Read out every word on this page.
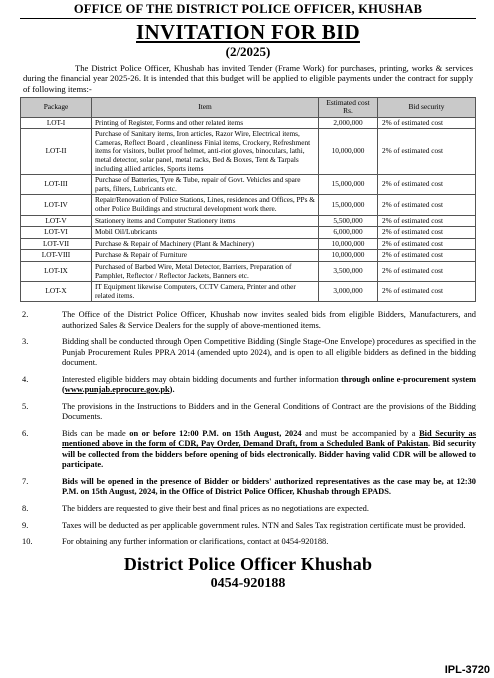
OFFICE OF THE DISTRICT POLICE OFFICER, KHUSHAB
INVITATION FOR BID
(2/2025)
The District Police Officer, Khushab has invited Tender (Frame Work) for purchases, printing, works & services during the financial year 2025-26. It is intended that this budget will be applied to eligible payments under the contract for supply of following items:-
Package	Item	Estimated cost Rs.	Bid security
LOT-I	Printing of Register, Forms and other related items	2,000,000	2% of estimated cost
LOT-II	Purchase of Sanitary items, Iron articles, Razor Wire, Electrical items, Cameras, Reflect Board , cleanliness Finial items, Crockery, Refreshment items for visitors, bullet proof helmet, anti-riot gloves, binoculars, lathi, metal detector, solar panel, metal racks, Bed & Boxes, Tent & Tarpals including allied articles, Sports items	10,000,000	2% of estimated cost
LOT-III	Purchase of Batteries, Tyre & Tube, repair of Govt. Vehicles and spare parts, filters, Lubricants etc.	15,000,000	2% of estimated cost
LOT-IV	Repair/Renovation of Police Stations, Lines, residences and Offices, PPs & other Police Buildings and structural development work there.	15,000,000	2% of estimated cost
LOT-V	Stationery items and Computer Stationery items	5,500,000	2% of estimated cost
LOT-VI	Mobil Oil/Lubricants	6,000,000	2% of estimated cost
LOT-VII	Purchase & Repair of Machinery (Plant & Machinery)	10,000,000	2% of estimated cost
LOT-VIII	Purchase & Repair of Furniture	10,000,000	2% of estimated cost
LOT-IX	Purchased of Barbed Wire, Metal Detector, Barriers, Preparation of Pamphlet, Reflector / Reflector Jackets, Banners etc.	3,500,000	2% of estimated cost
LOT-X	IT Equipment likewise Computers, CCTV Camera, Printer and other related items.	3,000,000	2% of estimated cost
2.	The Office of the District Police Officer, Khushab now invites sealed bids from eligible Bidders, Manufacturers, and authorized Sales & Service Dealers for the supply of above-mentioned items.
3.	Bidding shall be conducted through Open Competitive Bidding (Single Stage-One Envelope) procedures as specified in the Punjab Procurement Rules PPRA 2014 (amended upto 2024), and is open to all eligible bidders as defined in the bidding document.
4.	Interested eligible bidders may obtain bidding documents and further information through online e-procurement system (www.punjab.eprocure.gov.pk).
5.	The provisions in the Instructions to Bidders and in the General Conditions of Contract are the provisions of the Bidding Documents.
6.	Bids can be made on or before 12:00 P.M. on 15th August, 2024 and must be accompanied by a Bid Security as mentioned above in the form of CDR, Pay Order, Demand Draft, from a Scheduled Bank of Pakistan. Bid security will be collected from the bidders before opening of bids electronically. Bidder having valid CDR will be allowed to participate.
7.	Bids will be opened in the presence of Bidder or bidders' authorized representatives as the case may be, at 12:30 P.M. on 15th August, 2024, in the Office of District Police Officer, Khushab through EPADS.
8.	The bidders are requested to give their best and final prices as no negotiations are expected.
9.	Taxes will be deducted as per applicable government rules. NTN and Sales Tax registration certificate must be provided.
10.	For obtaining any further information or clarifications, contact at 0454-920188.
District Police Officer Khushab
0454-920188
IPL-3720
